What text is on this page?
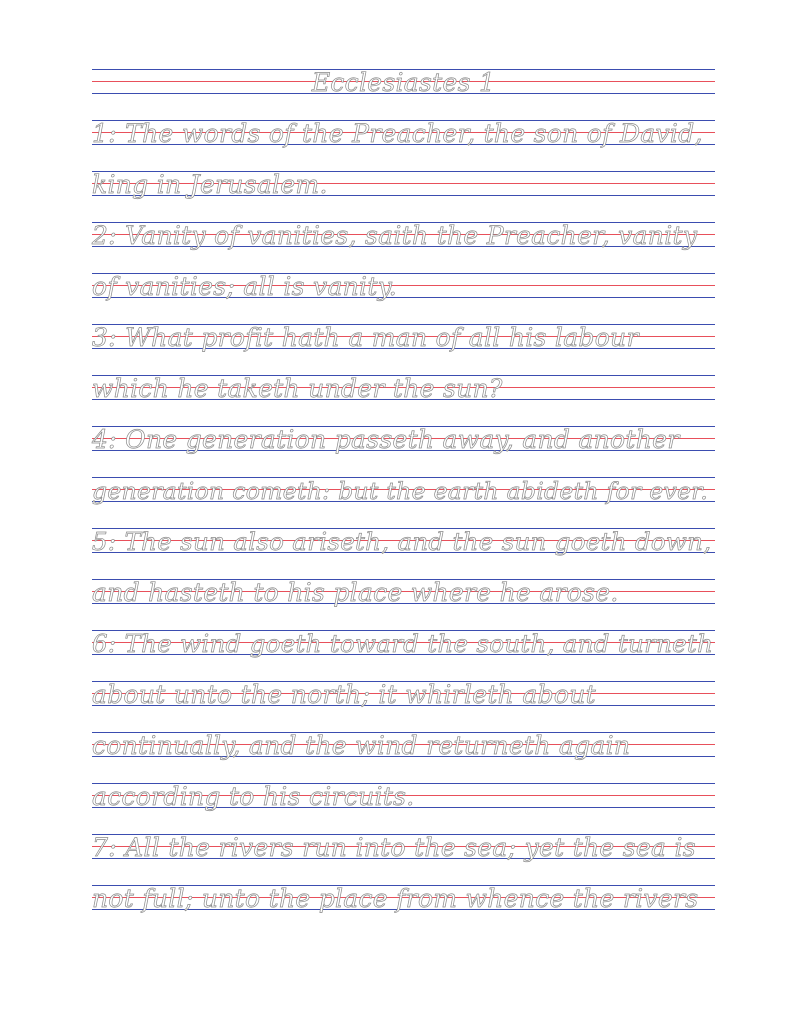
Ecclesiastes 1
1: The words of the Preacher, the son of David,
king in Jerusalem.
2: Vanity of vanities, saith the Preacher, vanity
of vanities; all is vanity.
3: What profit hath a man of all his labour
which he taketh under the sun?
4: One generation passeth away, and another
generation cometh: but the earth abideth for ever.
5: The sun also ariseth, and the sun goeth down,
and hasteth to his place where he arose.
6: The wind goeth toward the south, and turneth
about unto the north; it whirleth about
continually, and the wind returneth again
according to his circuits.
7: All the rivers run into the sea; yet the sea is
not full; unto the place from whence the rivers
